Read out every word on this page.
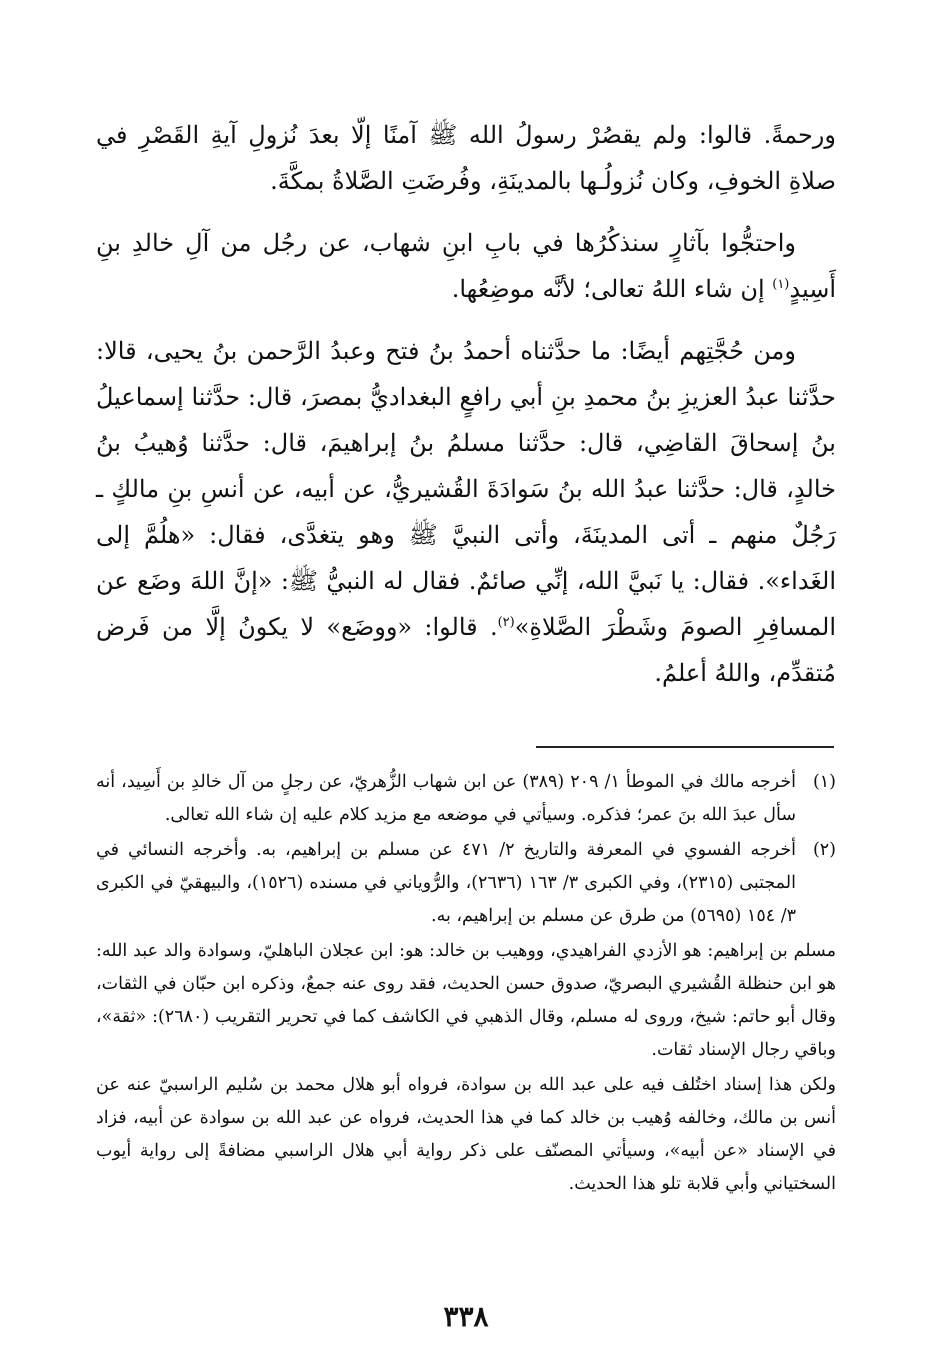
ورحمةً. قالوا: ولم يقصُرْ رسولُ الله ﷺ آمنًا إلّا بعدَ نُزولِ آيةِ القَصْرِ في صلاةِ الخوفِ، وكان نُزولُـها بالمدينَةِ، وفُرضَتِ الصَّلاةُ بمكَّةَ.

واحتجُّوا بآثارٍ سنذكُرُها في بابِ ابنِ شهاب، عن رجُل من آلِ خالدِ بنِ أَسِيدٍ$^{(١)}$ إن شاء اللهُ تعالى؛ لأنَّه موضِعُها.

ومن حُجَّتِهم أيضًا: ما حدَّثناه أحمدُ بنُ فتح وعبدُ الرَّحمن بنُ يحيى، قالا: حدَّثنا عبدُ العزيزِ بنُ محمدِ بنِ أبي رافعٍ البغداديُّ بمصرَ، قال: حدَّثنا إسماعيلُ بنُ إسحاقَ القاضِي، قال: حدَّثنا مسلمُ بنُ إبراهيمَ، قال: حدَّثنا وُهيبُ بنُ خالدٍ، قال: حدَّثنا عبدُ الله بنُ سَوادَةَ القُشيريُّ، عن أبيه، عن أنسِ بنِ مالكٍ ـ رَجُلٌ منهم ـ أتى المدينَةَ، وأتى النبيَّ ﷺ وهو يتغدَّى، فقال: «هلُمَّ إلى الغَداء». فقال: يا نَبيَّ الله، إنِّي صائمٌ. فقال له النبيُّ ﷺ: «إنَّ اللهَ وضَع عن المسافِرِ الصومَ وشَطْرَ الصَّلاةِ»$^{(٢)}$. قالوا: «ووضَع» لا يكونُ إلَّا من فَرض مُتقدِّم، واللهُ أعلمُ.

(١)أخرجه مالك في الموطأ ١/ ٢٠٩ (٣٨٩) عن ابن شهاب الزُّهريّ، عن رجلٍ من آل خالدِ بن أَسِيد، أنه سأل عبدَ الله بنَ عمر؛ فذكره. وسيأتي في موضعه مع مزيد كلام عليه إن شاء الله تعالى.
(٢)أخرجه الفسوي في المعرفة والتاريخ ٢/ ٤٧١ عن مسلم بن إبراهيم، به. وأخرجه النسائي في المجتبى (٢٣١٥)، وفي الكبرى ٣/ ١٦٣ (٢٦٣٦)، والرُّوياني في مسنده (١٥٢٦)، والبيهقيّ في الكبرى ٣/ ١٥٤ (٥٦٩٥) من طرق عن مسلم بن إبراهيم، به.
مسلم بن إبراهيم: هو الأزدي الفراهيدي، ووهيب بن خالد: هو: ابن عجلان الباهليّ، وسوادة والد عبد الله: هو ابن حنظلة القُشيري البصريّ، صدوق حسن الحديث، فقد روى عنه جمعٌ، وذكره ابن حبّان في الثقات، وقال أبو حاتم: شيخ، وروى له مسلم، وقال الذهبي في الكاشف كما في تحرير التقريب (٢٦٨٠): «ثقة»، وباقي رجال الإسناد ثقات.
ولكن هذا إسناد اختُلف فيه على عبد الله بن سوادة، فرواه أبو هلال محمد بن سُليم الراسبيّ عنه عن أنس بن مالك، وخالفه وُهيب بن خالد كما في هذا الحديث، فرواه عن عبد الله بن سوادة عن أبيه، فزاد في الإسناد «عن أبيه»، وسيأتي المصنّف على ذكر رواية أبي هلال الراسبي مضافةً إلى رواية أيوب السختياني وأبي قلابة تلو هذا الحديث.
٣٣٨
